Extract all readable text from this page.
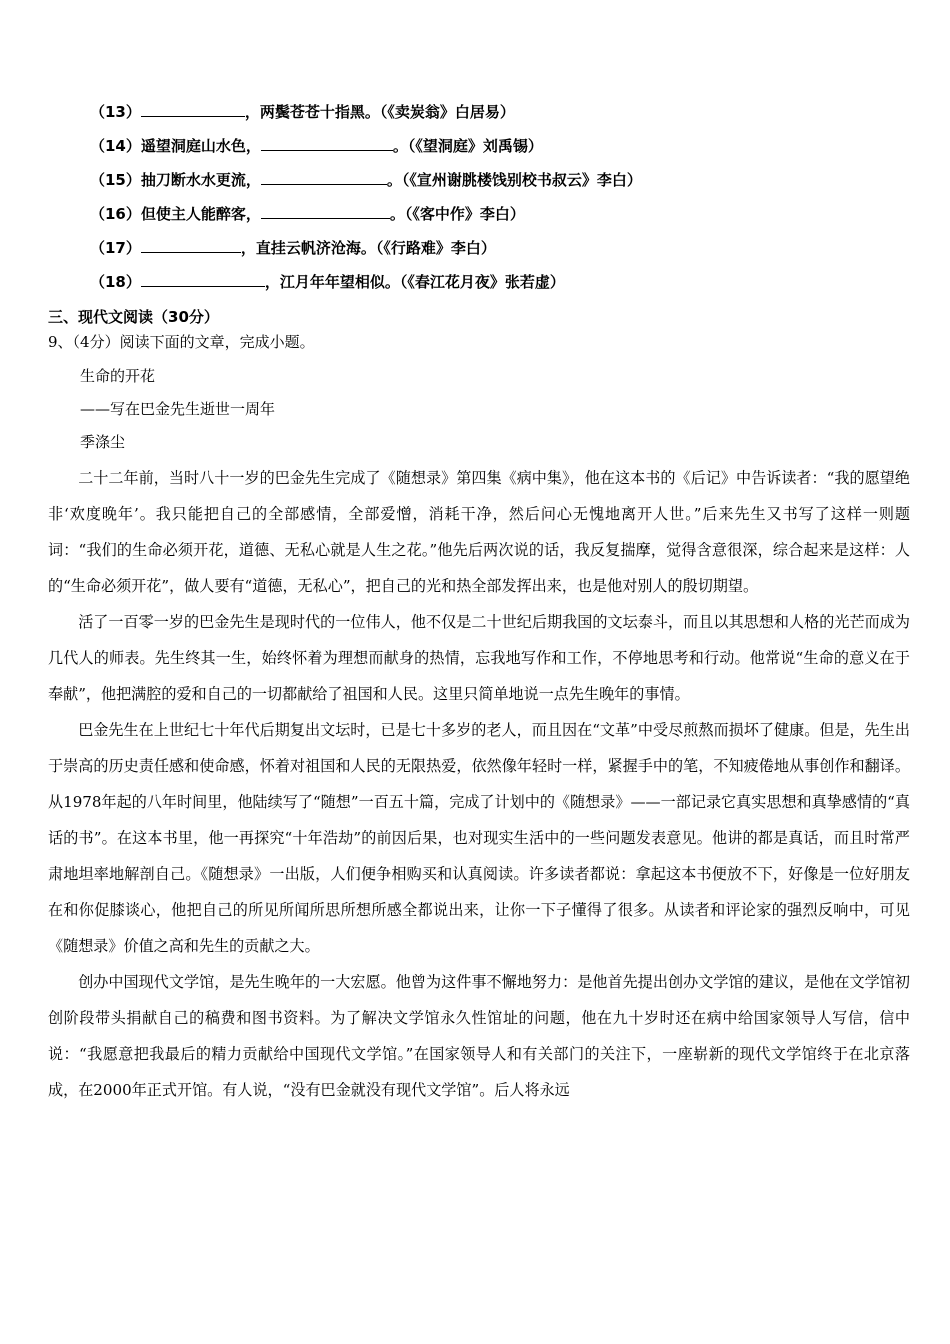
（13）	，两鬓苍苍十指黑。（《卖炭翁》白居易）
（14）遥望洞庭山水色，	。（《望洞庭》刘禹锡）
（15）抽刀断水水更流，	。（《宣州谢朓楼饯别校书叔云》李白）
（16）但使主人能醉客，	。（《客中作》李白）
（17）	，直挂云帆济沧海。（《行路难》李白）
（18）	，江月年年望相似。（《春江花月夜》张若虚）
三、现代文阅读（30分）
9、（4分）阅读下面的文章，完成小题。
生命的开花
——写在巴金先生逝世一周年
季涤尘

二十二年前，当时八十一岁的巴金先生完成了《随想录》第四集《病中集》，他在这本书的《后记》中告诉读者：“我的愿望绝非‘欢度晚年’。我只能把自己的全部感情，全部爱憎，消耗干净，然后问心无愧地离开人世。”后来先生又书写了这样一则题词：“我们的生命必须开花，道德、无私心就是人生之花。”他先后两次说的话，我反复揣摩，觉得含意很深，综合起来是这样：人的“生命必须开花”，做人要有“道德，无私心”，把自己的光和热全部发挥出来，也是他对别人的殷切期望。

活了一百零一岁的巴金先生是现时代的一位伟人，他不仅是二十世纪后期我国的文坛泰斗，而且以其思想和人格的光芒而成为几代人的师表。先生终其一生，始终怀着为理想而献身的热情，忘我地写作和工作，不停地思考和行动。他常说“生命的意义在于奉献”，他把满腔的爱和自己的一切都献给了祖国和人民。这里只简单地说一点先生晚年的事情。

巴金先生在上世纪七十年代后期复出文坛时，已是七十多岁的老人，而且因在“文革”中受尽煎熬而损坏了健康。但是，先生出于崇高的历史责任感和使命感，怀着对祖国和人民的无限热爱，依然像年轻时一样，紧握手中的笔，不知疲倦地从事创作和翻译。从1978年起的八年时间里，他陆续写了“随想”一百五十篇，完成了计划中的《随想录》——一部记录它真实思想和真挚感情的“真话的书”。在这本书里，他一再探究“十年浩劫”的前因后果，也对现实生活中的一些问题发表意见。他讲的都是真话，而且时常严肃地坦率地解剖自己。《随想录》一出版，人们便争相购买和认真阅读。许多读者都说：拿起这本书便放不下，好像是一位好朋友在和你促膝谈心，他把自己的所见所闻所思所想所感全都说出来，让你一下子懂得了很多。从读者和评论家的强烈反响中，可见《随想录》价值之高和先生的贡献之大。

创办中国现代文学馆，是先生晚年的一大宏愿。他曾为这件事不懈地努力：是他首先提出创办文学馆的建议，是他在文学馆初创阶段带头捐献自己的稿费和图书资料。为了解决文学馆永久性馆址的问题，他在九十岁时还在病中给国家领导人写信，信中说：“我愿意把我最后的精力贡献给中国现代文学馆。”在国家领导人和有关部门的关注下，一座崭新的现代文学馆终于在北京落成，在2000年正式开馆。有人说，“没有巴金就没有现代文学馆”。后人将永远
